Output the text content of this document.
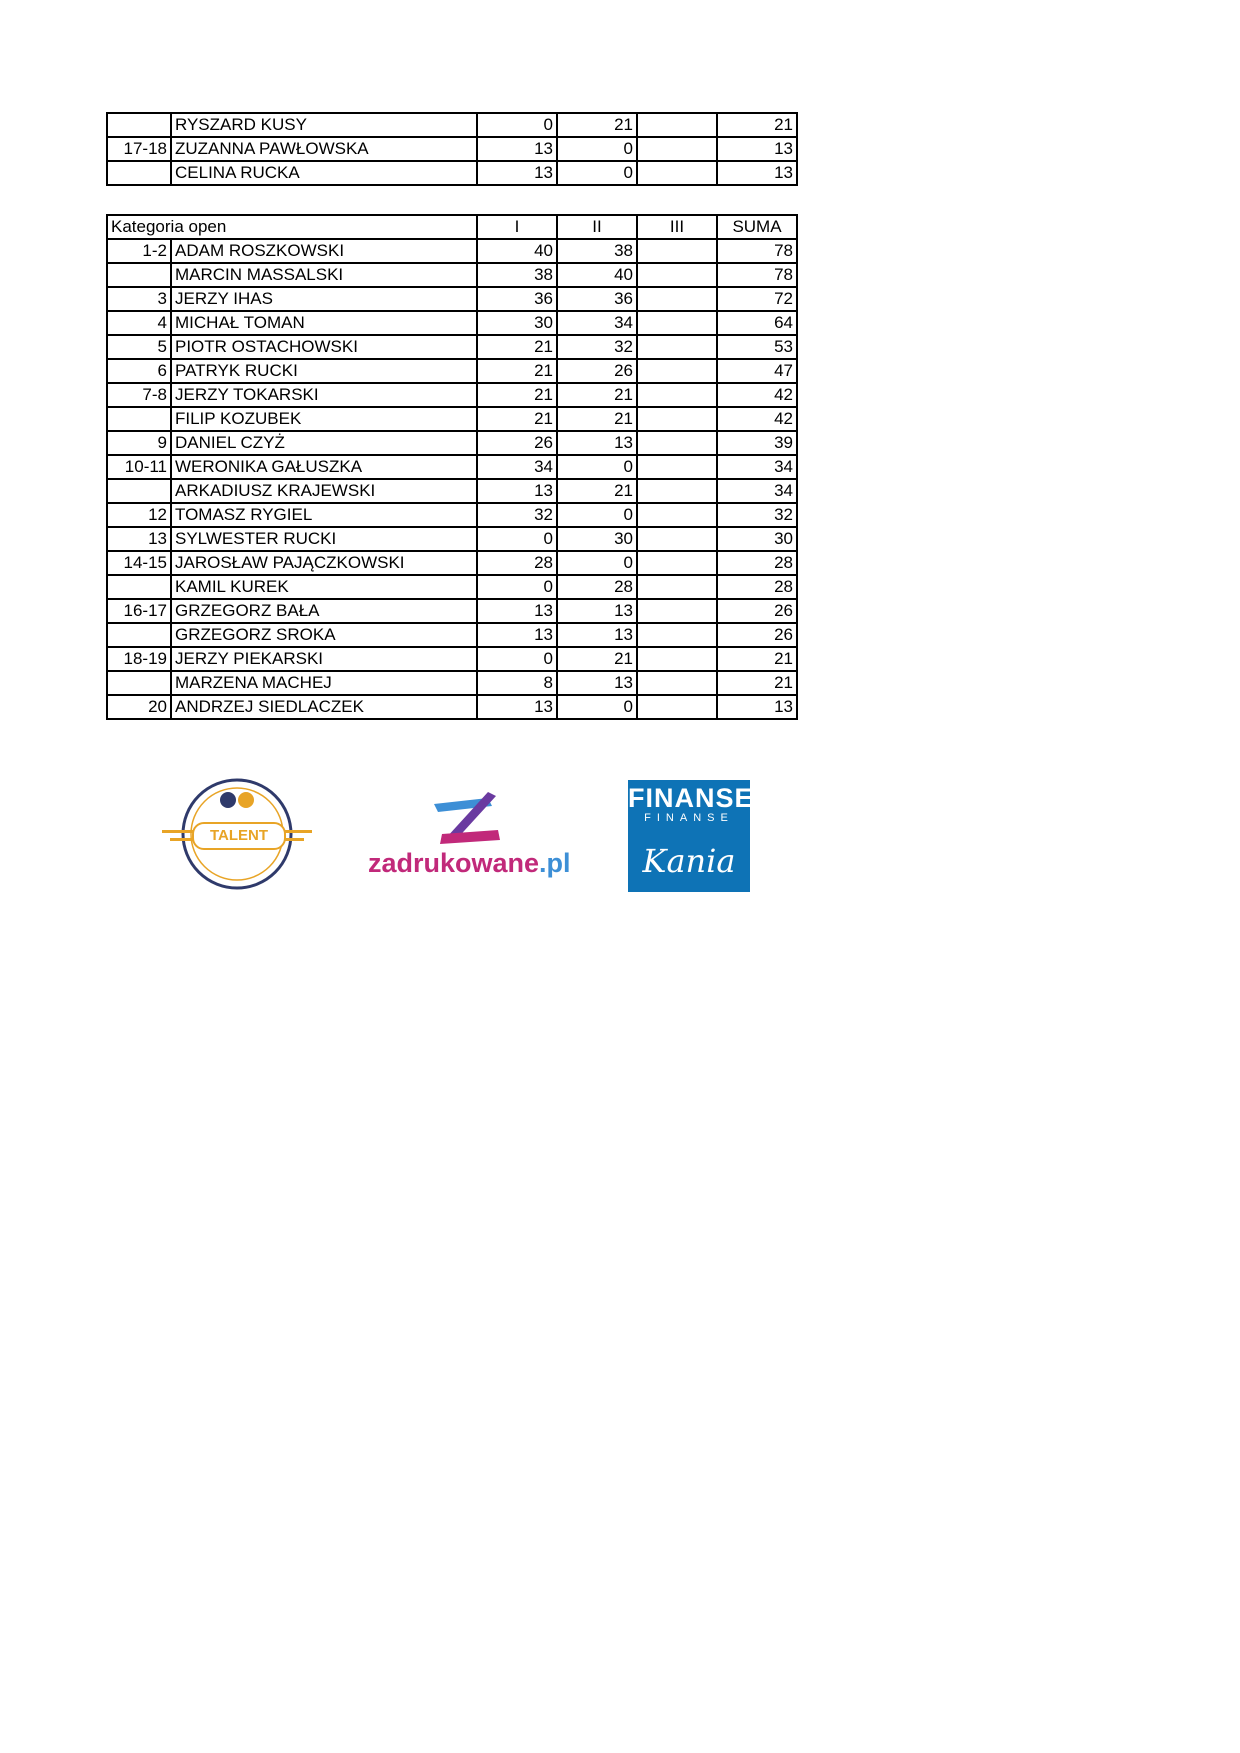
	RYSZARD KUSY	0	21		21
17-18	ZUZANNA PAWŁOWSKA	13	0		13
	CELINA RUCKA	13	0		13
Kategoria open		I	II	III	SUMA
1-2	ADAM ROSZKOWSKI	40	38		78
	MARCIN MASSALSKI	38	40		78
3	JERZY IHAS	36	36		72
4	MICHAŁ TOMAN	30	34		64
5	PIOTR OSTACHOWSKI	21	32		53
6	PATRYK RUCKI	21	26		47
7-8	JERZY TOKARSKI	21	21		42
	FILIP KOZUBEK	21	21		42
9	DANIEL CZYŻ	26	13		39
10-11	WERONIKA GAŁUSZKA	34	0		34
	ARKADIUSZ KRAJEWSKI	13	21		34
12	TOMASZ RYGIEL	32	0		32
13	SYLWESTER RUCKI	0	30		30
14-15	JAROSŁAW PAJĄCZKOWSKI	28	0		28
	KAMIL KUREK	0	28		28
16-17	GRZEGORZ BAŁA	13	13		26
	GRZEGORZ SROKA	13	13		26
18-19	JERZY PIEKARSKI	0	21		21
	MARZENA MACHEJ	8	13		21
20	ANDRZEJ SIEDLACZEK	13	0		13
TALENT
zadrukowane.pl
FINANSE
FINANSE
Kania
